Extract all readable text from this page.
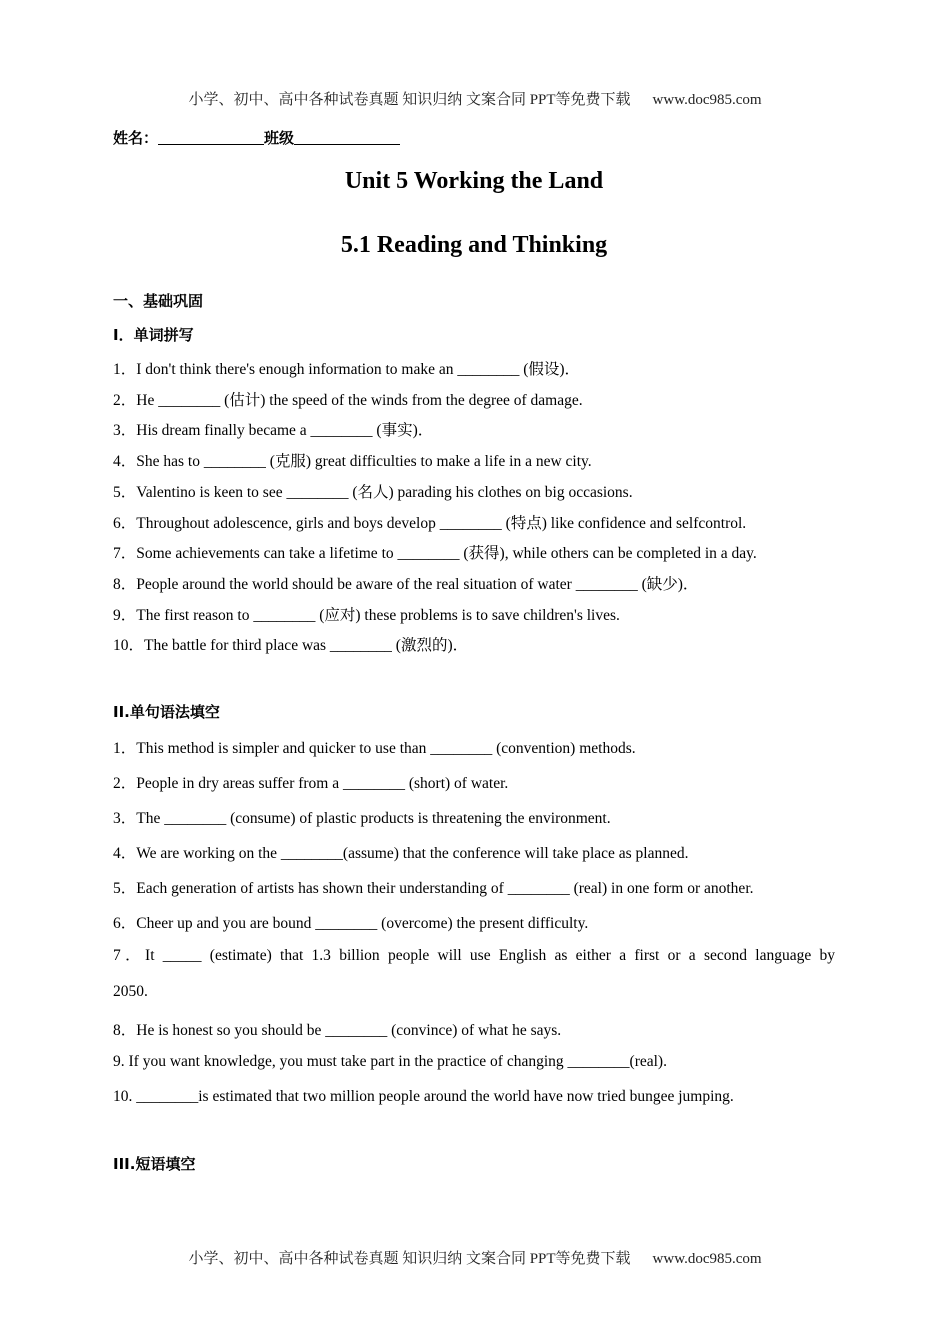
小学、初中、高中各种试卷真题 知识归纳 文案合同 PPT等免费下载 www.doc985.com
姓名：	班级
Unit 5 Working the Land
5.1 Reading and Thinking
一、基础巩固
I．单词拼写
1．I don't think there's enough information to make an ________ (假设)．
2．He ________ (估计) the speed of the winds from the degree of damage.
3．His dream finally became a ________ (事实)．
4．She has to ________ (克服) great difficulties to make a life in a new city.
5．Valentino is keen to see ________ (名人) parading his clothes on big occasions.
6．Throughout adolescence, girls and boys develop ________ (特点) like confidence and selfcontrol.
7．Some achievements can take a lifetime to ________ (获得), while others can be completed in a day.
8．People around the world should be aware of the real situation of water ________ (缺少)．
9．The first reason to ________ (应对) these problems is to save children's lives.
10．The battle for third place was ________ (激烈的)．
II.单句语法填空
1．This method is simpler and quicker to use than ________ (convention) methods.
2．People in dry areas suffer from a ________ (short) of water.
3．The ________ (consume) of plastic products is threatening the environment.
4．We are working on the ________(assume) that the conference will take place as planned.
5．Each generation of artists has shown their understanding of ________ (real) in one form or another.
6．Cheer up and you are bound ________ (overcome) the present difficulty.
7．It _____ (estimate) that 1.3 billion people will use English as either a first or a second language by
2050.
8．He is honest so you should be ________ (convince) of what he says.
9. If you want knowledge, you must take part in the practice of changing ________(real).
10. ________is estimated that two million people around the world have now tried bungee jumping.
III.短语填空
小学、初中、高中各种试卷真题 知识归纳 文案合同 PPT等免费下载 www.doc985.com
